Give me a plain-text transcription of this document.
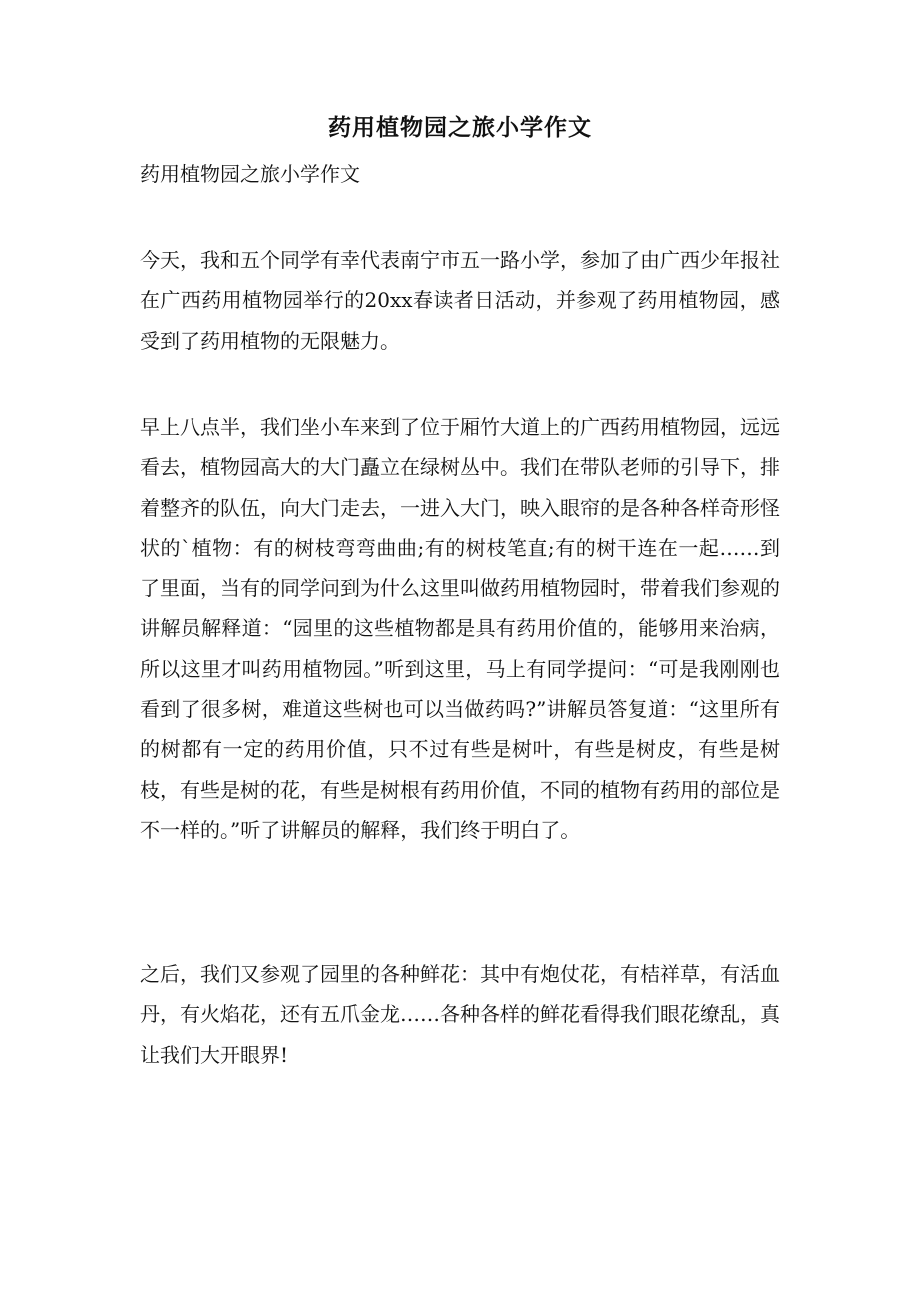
药用植物园之旅小学作文

药用植物园之旅小学作文

今天，我和五个同学有幸代表南宁市五一路小学，参加了由广西少年报社在广西药用植物园举行的20xx春读者日活动，并参观了药用植物园，感受到了药用植物的无限魅力。

早上八点半，我们坐小车来到了位于厢竹大道上的广西药用植物园，远远看去，植物园高大的大门矗立在绿树丛中。我们在带队老师的引导下，排着整齐的队伍，向大门走去，一进入大门，映入眼帘的是各种各样奇形怪状的`植物：有的树枝弯弯曲曲;有的树枝笔直;有的树干连在一起……到了里面，当有的同学问到为什么这里叫做药用植物园时，带着我们参观的讲解员解释道：“园里的这些植物都是具有药用价值的，能够用来治病，所以这里才叫药用植物园。”听到这里，马上有同学提问：“可是我刚刚也看到了很多树，难道这些树也可以当做药吗?”讲解员答复道：“这里所有的树都有一定的药用价值，只不过有些是树叶，有些是树皮，有些是树枝，有些是树的花，有些是树根有药用价值，不同的植物有药用的部位是不一样的。”听了讲解员的解释，我们终于明白了。

之后，我们又参观了园里的各种鲜花：其中有炮仗花，有桔祥草，有活血丹，有火焰花，还有五爪金龙……各种各样的鲜花看得我们眼花缭乱，真让我们大开眼界!
